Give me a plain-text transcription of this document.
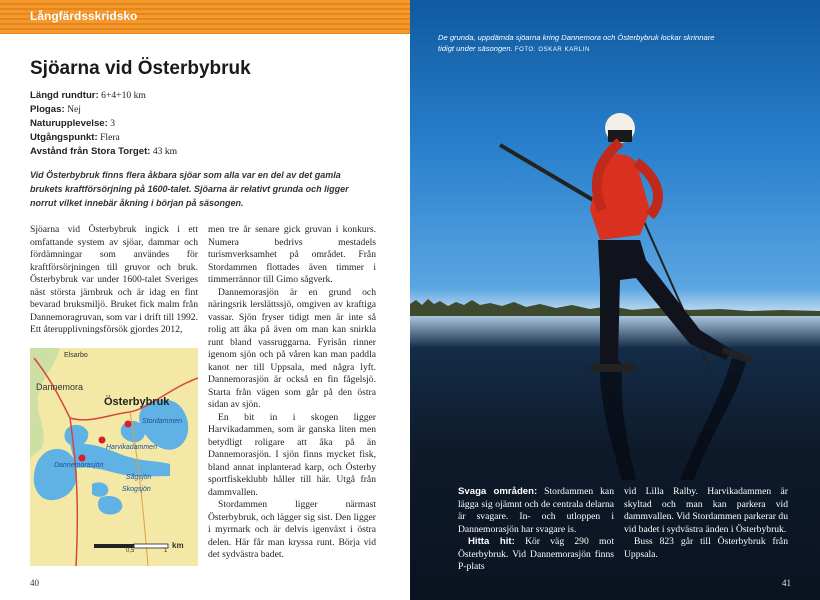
Långfärdsskridsko
Sjöarna vid Österbybruk
Längd rundtur: 6+4+10 km
Plogas: Nej
Naturupplevelse: 3
Utgångspunkt: Flera
Avstånd från Stora Torget: 43 km
Vid Österbybruk finns flera åkbara sjöar som alla var en del av det gamla brukets kraftförsörjning på 1600-talet. Sjöarna är relativt grunda och ligger norrut vilket innebär åkning i början på säsongen.

Sjöarna vid Österbybruk ingick i ett omfattande system av sjöar, dammar och fördämningar som användes för kraftförsörjningen till gruvor och bruk. Österbybruk var under 1600-talet Sveriges näst största järnbruk och är idag en fint bevarad bruksmiljö. Bruket fick malm från Dannemoragruvan, som var i drift till 1992. Ett återupplivningsförsök gjordes 2012,

Elsarbo
Dannemora
Österbybruk
Stordammen
Harvikadammen
Dannemorasjön
Sågsjön
Skogsjön
0,5	1
km

men tre år senare gick gruvan i konkurs. Numera bedrivs mestadels turismverksamhet på området. Från Stordammen flottades även timmer i timmerrännor till Gimo sågverk.

Dannemorasjön är en grund och näringsrik lerslättssjö, omgiven av kraftiga vassar. Sjön fryser tidigt men är inte så rolig att åka på även om man kan snirkla runt bland vassruggarna. Fyrisån rinner igenom sjön och på våren kan man paddla kanot ner till Uppsala, med några lyft. Dannemorasjön är också en fin fågelsjö. Starta från vägen som går på den östra sidan av sjön.

En bit in i skogen ligger Harvikadammen, som är ganska liten men betydligt roligare att åka på än Dannemorasjön. I sjön finns mycket fisk, bland annat inplanterad karp, och Österby sportfiskeklubb håller till här. Utgå från dammvallen.

Stordammen ligger närmast Österbybruk, och lägger sig sist. Den ligger i myrmark och är delvis igenväxt i östra delen. Här får man kryssa runt. Börja vid det sydvästra badet.

40
De grunda, uppdämda sjöarna kring Dannemora och Österbybruk lockar skrinnare tidigt under säsongen. FOTO: OSKAR KARLIN

Svaga områden: Stordammen kan lägga sig ojämnt och de centrala delarna är svagare. In- och utloppen i Dannemorasjön har svagare is.

Hitta hit: Kör väg 290 mot Österbybruk. Vid Dannemorasjön finns P-plats

vid Lilla Ralby. Harvikadammen är skyltad och man kan parkera vid dammvallen. Vid Stordammen parkerar du vid badet i sydvästra änden i Österbybruk.

Buss 823 går till Österbybruk från Uppsala.

41
